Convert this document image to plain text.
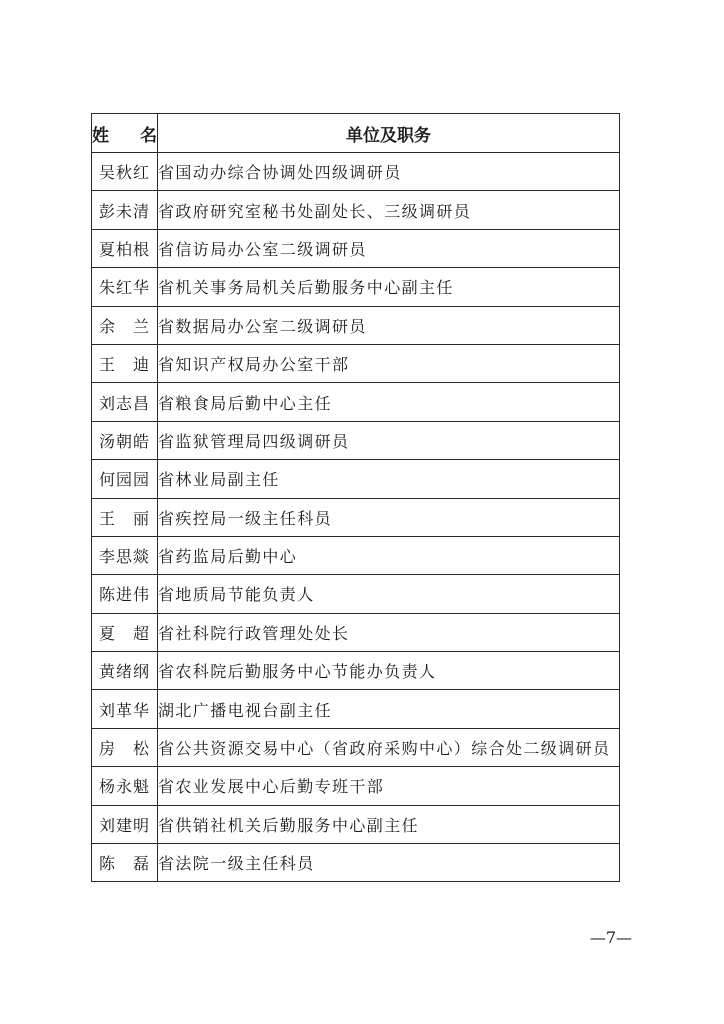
姓　名	单位及职务
吴秋红	省国动办综合协调处四级调研员
彭未清	省政府研究室秘书处副处长、三级调研员
夏柏根	省信访局办公室二级调研员
朱红华	省机关事务局机关后勤服务中心副主任
余　兰	省数据局办公室二级调研员
王　迪	省知识产权局办公室干部
刘志昌	省粮食局后勤中心主任
汤朝皓	省监狱管理局四级调研员
何园园	省林业局副主任
王　丽	省疾控局一级主任科员
李思燚	省药监局后勤中心
陈进伟	省地质局节能负责人
夏　超	省社科院行政管理处处长
黄绪纲	省农科院后勤服务中心节能办负责人
刘革华	湖北广播电视台副主任
房　松	省公共资源交易中心（省政府采购中心）综合处二级调研员
杨永魁	省农业发展中心后勤专班干部
刘建明	省供销社机关后勤服务中心副主任
陈　磊	省法院一级主任科员
—7—
